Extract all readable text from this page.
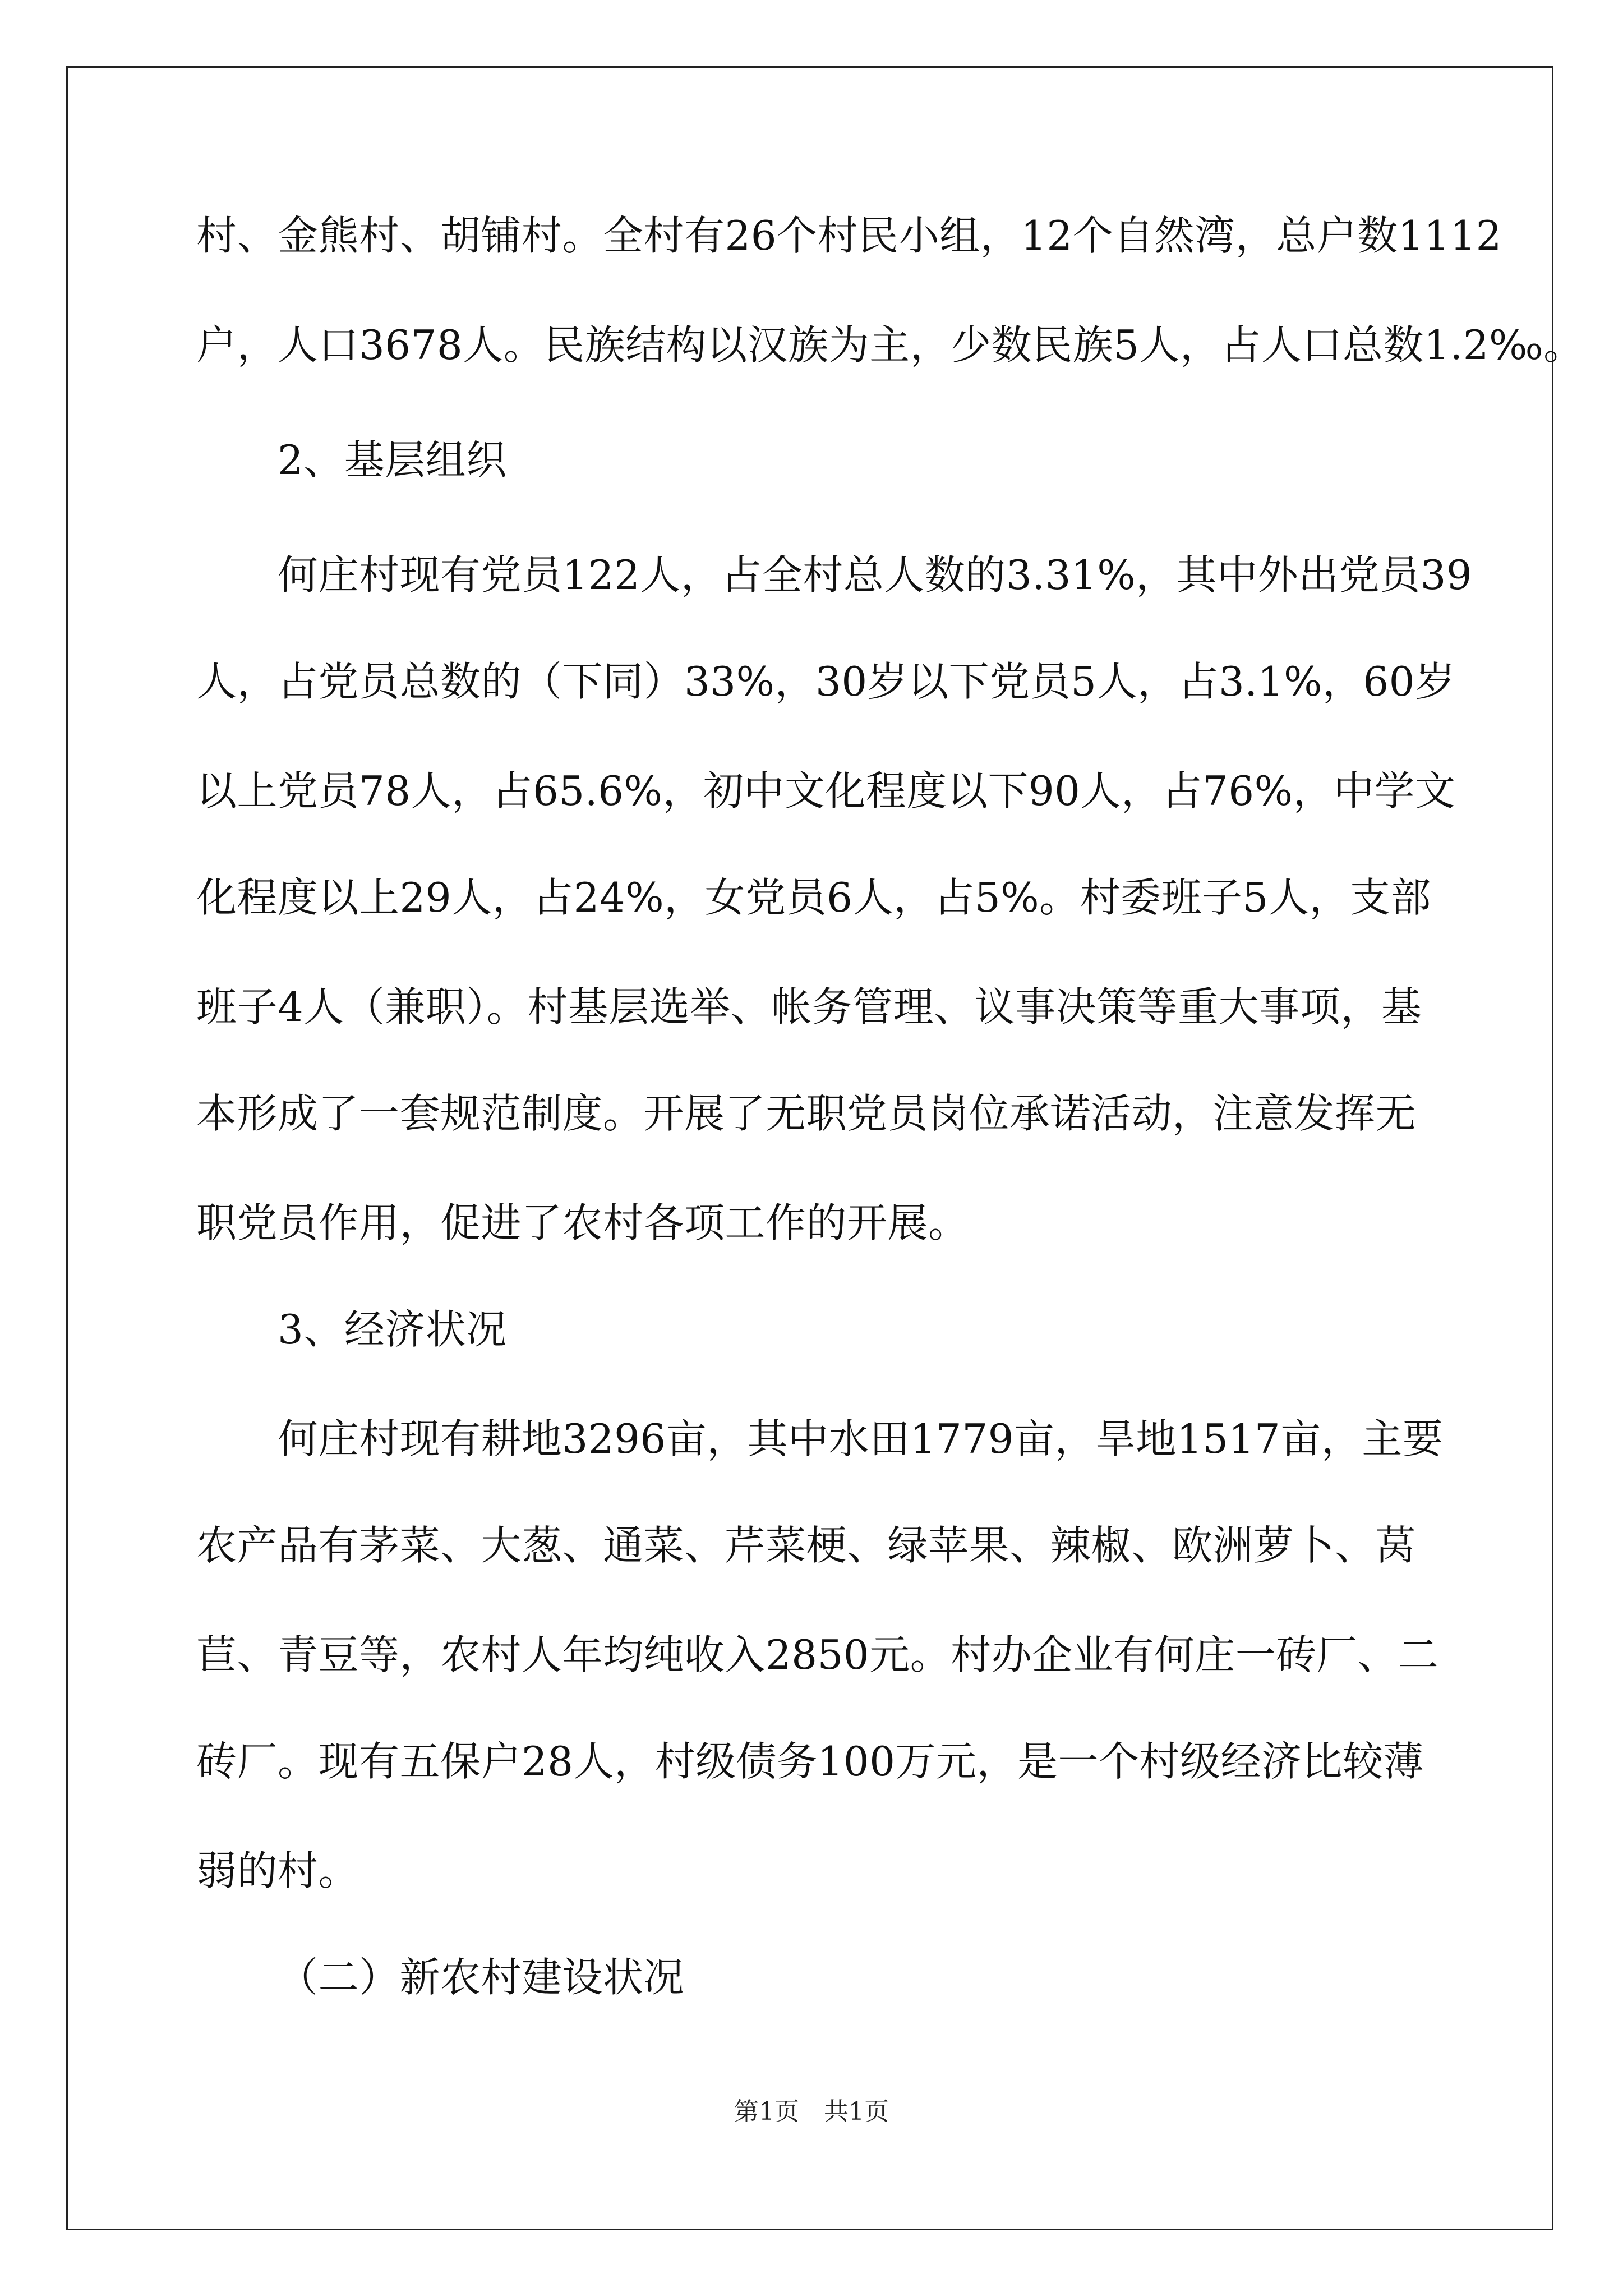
村、金熊村、胡铺村。全村有26个村民小组，12个自然湾，总户数1112
户，人口3678人。民族结构以汉族为主，少数民族5人，占人口总数1.2‰。
2、基层组织
何庄村现有党员122人，占全村总人数的3.31%，其中外出党员39
人，占党员总数的（下同）33%，30岁以下党员5人，占3.1%，60岁
以上党员78人，占65.6%，初中文化程度以下90人，占76%，中学文
化程度以上29人，占24%，女党员6人，占5%。村委班子5人，支部
班子4人（兼职）。村基层选举、帐务管理、议事决策等重大事项，基
本形成了一套规范制度。开展了无职党员岗位承诺活动，注意发挥无
职党员作用，促进了农村各项工作的开展。
3、经济状况
何庄村现有耕地3296亩，其中水田1779亩，旱地1517亩，主要
农产品有茅菜、大葱、通菜、芹菜梗、绿苹果、辣椒、欧洲萝卜、莴
苣、青豆等，农村人年均纯收入2850元。村办企业有何庄一砖厂、二
砖厂。现有五保户28人，村级债务100万元，是一个村级经济比较薄
弱的村。
（二）新农村建设状况
第1页　共1页
